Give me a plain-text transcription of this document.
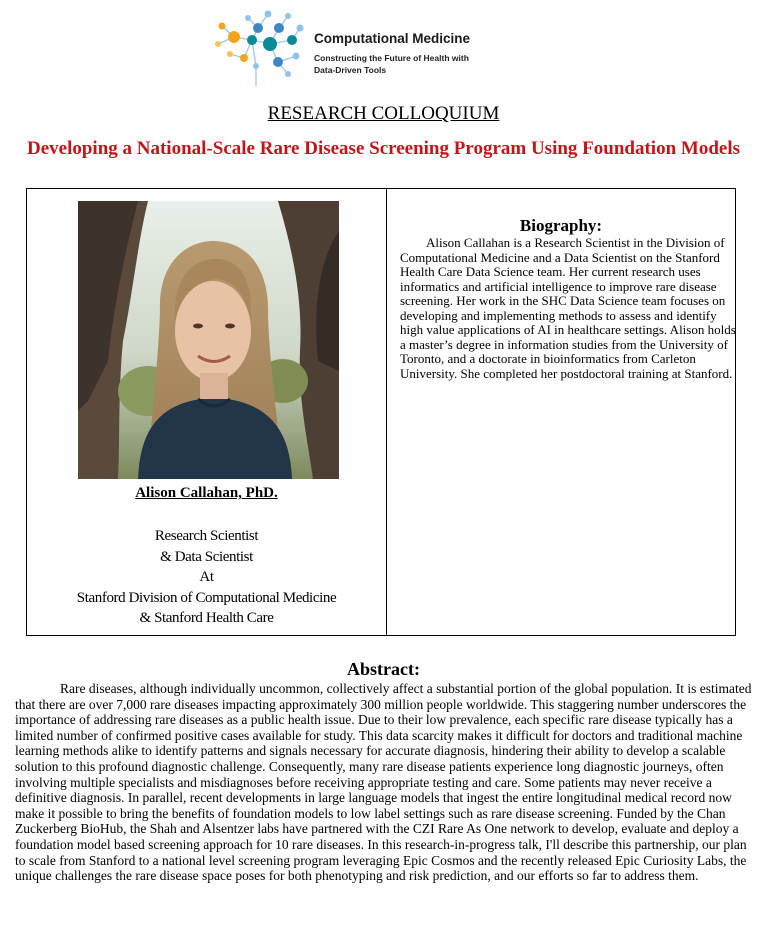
Computational Medicine
Constructing the Future of Health with Data-Driven Tools
RESEARCH COLLOQUIUM
Developing a National-Scale Rare Disease Screening Program Using Foundation Models
Alison Callahan, PhD.
Research Scientist
& Data Scientist
At
Stanford Division of Computational Medicine
& Stanford Health Care
Biography:
Alison Callahan is a Research Scientist in the Division of Computational Medicine and a Data Scientist on the Stanford Health Care Data Science team. Her current research uses informatics and artificial intelligence to improve rare disease screening. Her work in the SHC Data Science team focuses on developing and implementing methods to assess and identify high value applications of AI in healthcare settings. Alison holds a master’s degree in information studies from the University of Toronto, and a doctorate in bioinformatics from Carleton University. She completed her postdoctoral training at Stanford.
Abstract:
Rare diseases, although individually uncommon, collectively affect a substantial portion of the global population. It is estimated that there are over 7,000 rare diseases impacting approximately 300 million people worldwide. This staggering number underscores the importance of addressing rare diseases as a public health issue. Due to their low prevalence, each specific rare disease typically has a limited number of confirmed positive cases available for study. This data scarcity makes it difficult for doctors and traditional machine learning methods alike to identify patterns and signals necessary for accurate diagnosis, hindering their ability to develop a scalable solution to this profound diagnostic challenge. Consequently, many rare disease patients experience long diagnostic journeys, often involving multiple specialists and misdiagnoses before receiving appropriate testing and care. Some patients may never receive a definitive diagnosis. In parallel, recent developments in large language models that ingest the entire longitudinal medical record now make it possible to bring the benefits of foundation models to low label settings such as rare disease screening. Funded by the Chan Zuckerberg BioHub, the Shah and Alsentzer labs have partnered with the CZI Rare As One network to develop, evaluate and deploy a foundation model based screening approach for 10 rare diseases. In this research-in-progress talk, I'll describe this partnership, our plan to scale from Stanford to a national level screening program leveraging Epic Cosmos and the recently released Epic Curiosity Labs, the unique challenges the rare disease space poses for both phenotyping and risk prediction, and our efforts so far to address them.
